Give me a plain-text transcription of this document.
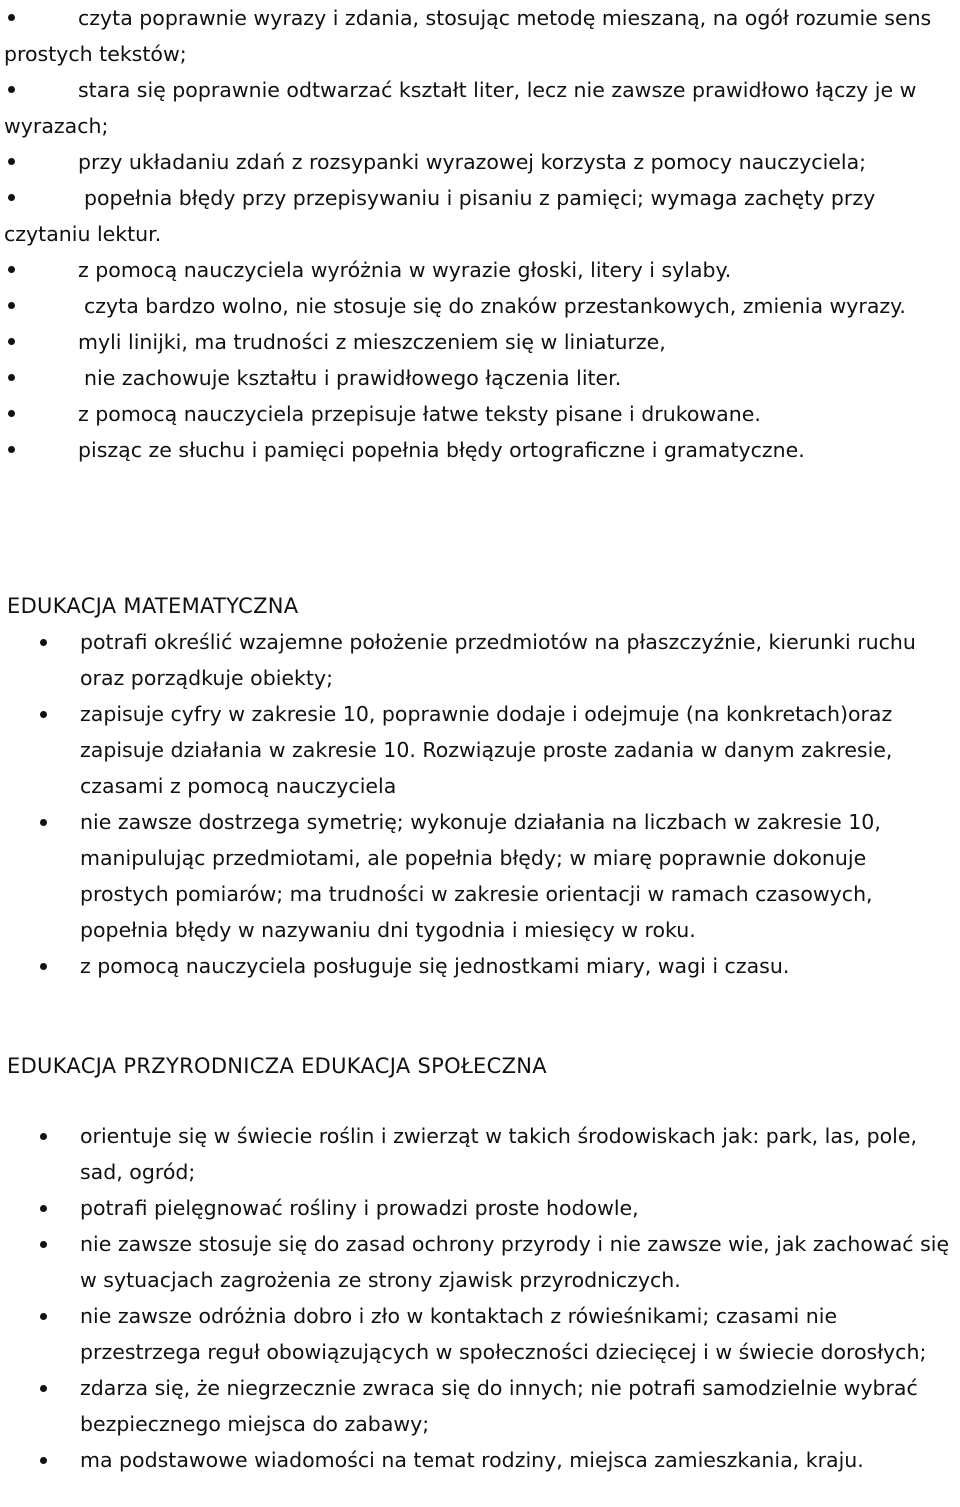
czyta poprawnie wyrazy i zdania, stosując metodę mieszaną, na ogół rozumie sens prostych tekstów;
stara się poprawnie odtwarzać kształt liter, lecz nie zawsze prawidłowo łączy je w wyrazach;
przy układaniu zdań z rozsypanki wyrazowej korzysta z pomocy nauczyciela;
popełnia błędy przy przepisywaniu i pisaniu z pamięci; wymaga zachęty przy czytaniu lektur.
z pomocą nauczyciela wyróżnia w wyrazie głoski, litery i sylaby.
czyta bardzo wolno, nie stosuje się do znaków przestankowych, zmienia wyrazy.
myli linijki, ma trudności z mieszczeniem się w liniaturze,
nie zachowuje kształtu i prawidłowego łączenia liter.
z pomocą nauczyciela przepisuje łatwe teksty pisane i drukowane.
pisząc ze słuchu i pamięci popełnia błędy ortograficzne i gramatyczne.
EDUKACJA MATEMATYCZNA
potrafi określić wzajemne położenie przedmiotów na płaszczyźnie, kierunki ruchu oraz porządkuje obiekty;
zapisuje cyfry w zakresie 10, poprawnie dodaje i odejmuje (na konkretach)oraz zapisuje działania w zakresie 10. Rozwiązuje proste zadania w danym zakresie, czasami z pomocą nauczyciela
nie zawsze dostrzega symetrię; wykonuje działania na liczbach w zakresie 10, manipulując przedmiotami, ale popełnia błędy; w miarę poprawnie dokonuje prostych pomiarów; ma trudności w zakresie orientacji w ramach czasowych, popełnia błędy w nazywaniu dni tygodnia i miesięcy w roku.
z pomocą nauczyciela posługuje się jednostkami miary, wagi i czasu.
EDUKACJA PRZYRODNICZA EDUKACJA SPOŁECZNA
orientuje się w świecie roślin i zwierząt w takich środowiskach jak: park, las, pole, sad, ogród;
potrafi pielęgnować rośliny i prowadzi proste hodowle,
nie zawsze stosuje się do zasad ochrony przyrody i nie zawsze wie, jak zachować się w sytuacjach zagrożenia ze strony zjawisk przyrodniczych.
nie zawsze odróżnia dobro i zło w kontaktach z rówieśnikami; czasami nie przestrzega reguł obowiązujących w społeczności dziecięcej i w świecie dorosłych;
zdarza się, że niegrzecznie zwraca się do innych; nie potrafi samodzielnie wybrać bezpiecznego miejsca do zabawy;
ma podstawowe wiadomości na temat rodziny, miejsca zamieszkania, kraju.
